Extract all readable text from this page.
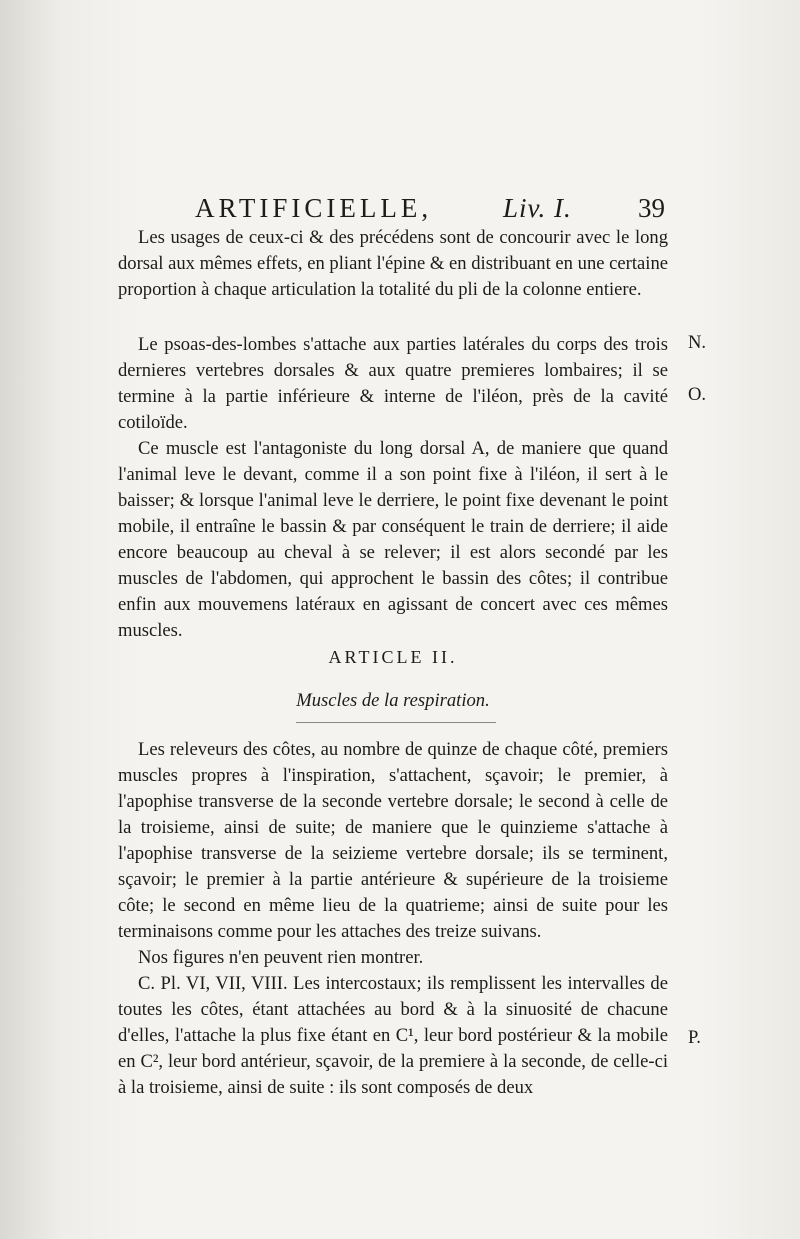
ARTIFICIELLE,	Liv. I. 39

Les usages de ceux-ci & des précédens sont de concourir avec le long dorsal aux mêmes effets, en pliant l'épine & en distribuant en une certaine proportion à chaque articulation la totalité du pli de la colonne entiere.

Le psoas-des-lombes s'attache aux parties latérales du corps des trois dernieres vertebres dorsales & aux quatre premieres lombaires; il se termine à la partie inférieure & interne de l'iléon, près de la cavité cotiloïde.

Ce muscle est l'antagoniste du long dorsal A, de maniere que quand l'animal leve le devant, comme il a son point fixe à l'iléon, il sert à le baisser; & lorsque l'animal leve le derriere, le point fixe devenant le point mobile, il entraîne le bassin & par conséquent le train de derriere; il aide encore beaucoup au cheval à se relever; il est alors secondé par les muscles de l'abdomen, qui approchent le bassin des côtes; il contribue enfin aux mouvemens latéraux en agissant de concert avec ces mêmes muscles.

ARTICLE II.
Muscles de la respiration.

Les releveurs des côtes, au nombre de quinze de chaque côté, premiers muscles propres à l'inspiration, s'attachent, sçavoir; le premier, à l'apophise transverse de la seconde vertebre dorsale; le second à celle de la troisieme, ainsi de suite; de maniere que le quinzieme s'attache à l'apophise transverse de la seizieme vertebre dorsale; ils se terminent, sçavoir; le premier à la partie antérieure & supérieure de la troisieme côte; le second en même lieu de la quatrieme; ainsi de suite pour les terminaisons comme pour les attaches des treize suivans.

Nos figures n'en peuvent rien montrer.

C. Pl. VI, VII, VIII. Les intercostaux; ils remplissent les intervalles de toutes les côtes, étant attachées au bord & à la sinuosité de chacune d'elles, l'attache la plus fixe étant en C¹, leur bord postérieur & la mobile en C², leur bord antérieur, sçavoir, de la premiere à la seconde, de celle-ci à la troisieme, ainsi de suite : ils sont composés de deux

N.
O.
P.
